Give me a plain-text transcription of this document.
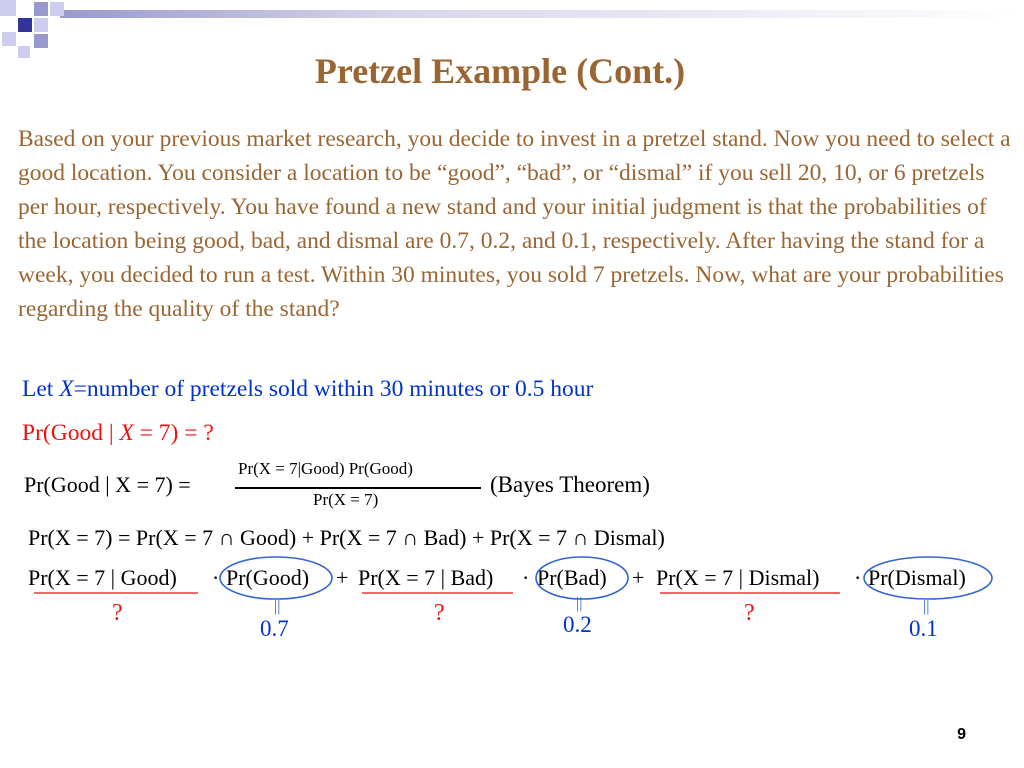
Pretzel Example (Cont.)

Based on your previous market research, you decide to invest in a pretzel stand. Now you need to select a good location. You consider a location to be “good”, “bad”, or “dismal” if you sell 20, 10, or 6 pretzels per hour, respectively. You have found a new stand and your initial judgment is that the probabilities of the location being good, bad, and dismal are 0.7, 0.2, and 0.1, respectively. After having the stand for a week, you decided to run a test. Within 30 minutes, you sold 7 pretzels. Now, what are your probabilities regarding the quality of the stand?

Let X=number of pretzels sold within 30 minutes or 0.5 hour
Pr(Good | X = 7) = ?
Pr(Good | X = 7) =
Pr(X = 7|Good) Pr(Good)
Pr(X = 7)
(Bayes Theorem)
Pr(X = 7) = Pr(X = 7 ∩ Good) + Pr(X = 7 ∩ Bad) + Pr(X = 7 ∩ Dismal)
Pr(X = 7 | Good) · Pr(Good) + Pr(X = 7 | Bad) · Pr(Bad) + Pr(X = 7 | Dismal) · Pr(Dismal)
?	?	?
||
0.7
||
0.2
||
0.1
9
